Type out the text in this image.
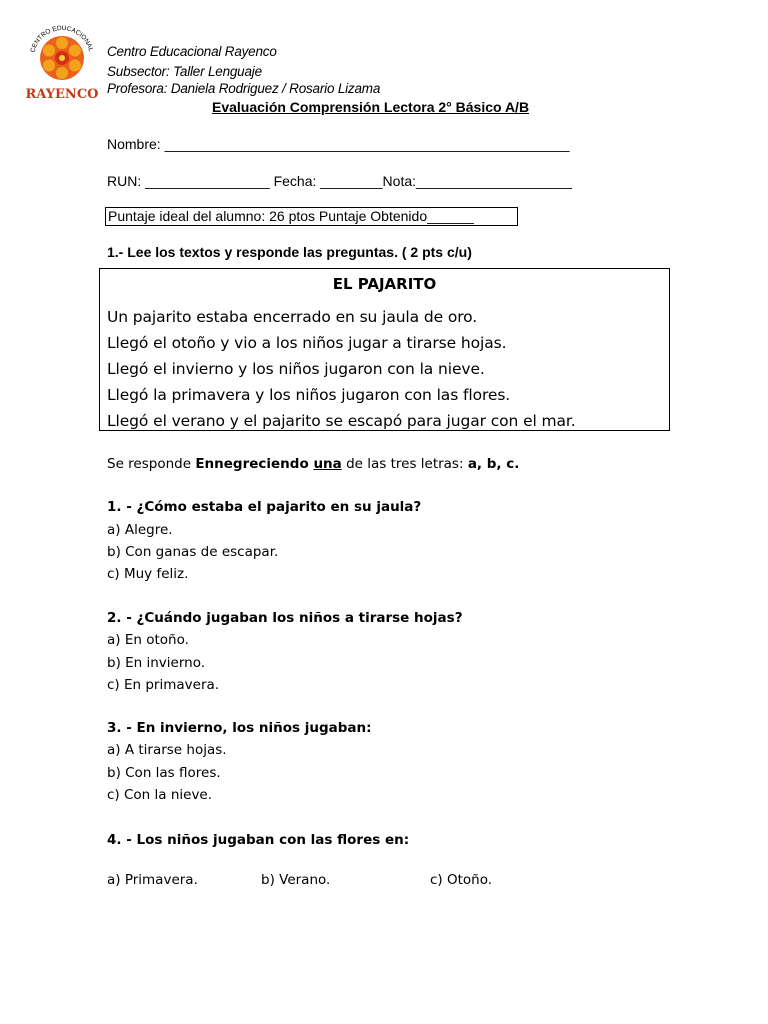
CENTRO EDUCACIONAL
RAYENCO
Centro Educacional Rayenco
Subsector: Taller Lenguaje
Profesora: Daniela Rodriguez / Rosario Lizama
Evaluación Comprensión Lectora 2° Básico A/B
Nombre: ____________________________________________________
RUN: ________________ Fecha: ________Nota:____________________
Puntaje ideal del alumno: 26 ptos Puntaje Obtenido______
1.- Lee los textos y responde las preguntas. ( 2 pts c/u)
EL PAJARITO
Un pajarito estaba encerrado en su jaula de oro.
Llegó el otoño y vio a los niños jugar a tirarse hojas.
Llegó el invierno y los niños jugaron con la nieve.
Llegó la primavera y los niños jugaron con las flores.
Llegó el verano y el pajarito se escapó para jugar con el mar.
Se responde Ennegreciendo una de las tres letras: a, b, c.
1. - ¿Cómo estaba el pajarito en su jaula?
a) Alegre.
b) Con ganas de escapar.
c) Muy feliz.
2. - ¿Cuándo jugaban los niños a tirarse hojas?
a) En otoño.
b) En invierno.
c) En primavera.
3. - En invierno, los niños jugaban:
a) A tirarse hojas.
b) Con las flores.
c) Con la nieve.
4. - Los niños jugaban con las flores en:
a) Primavera.	b) Verano.	c) Otoño.
